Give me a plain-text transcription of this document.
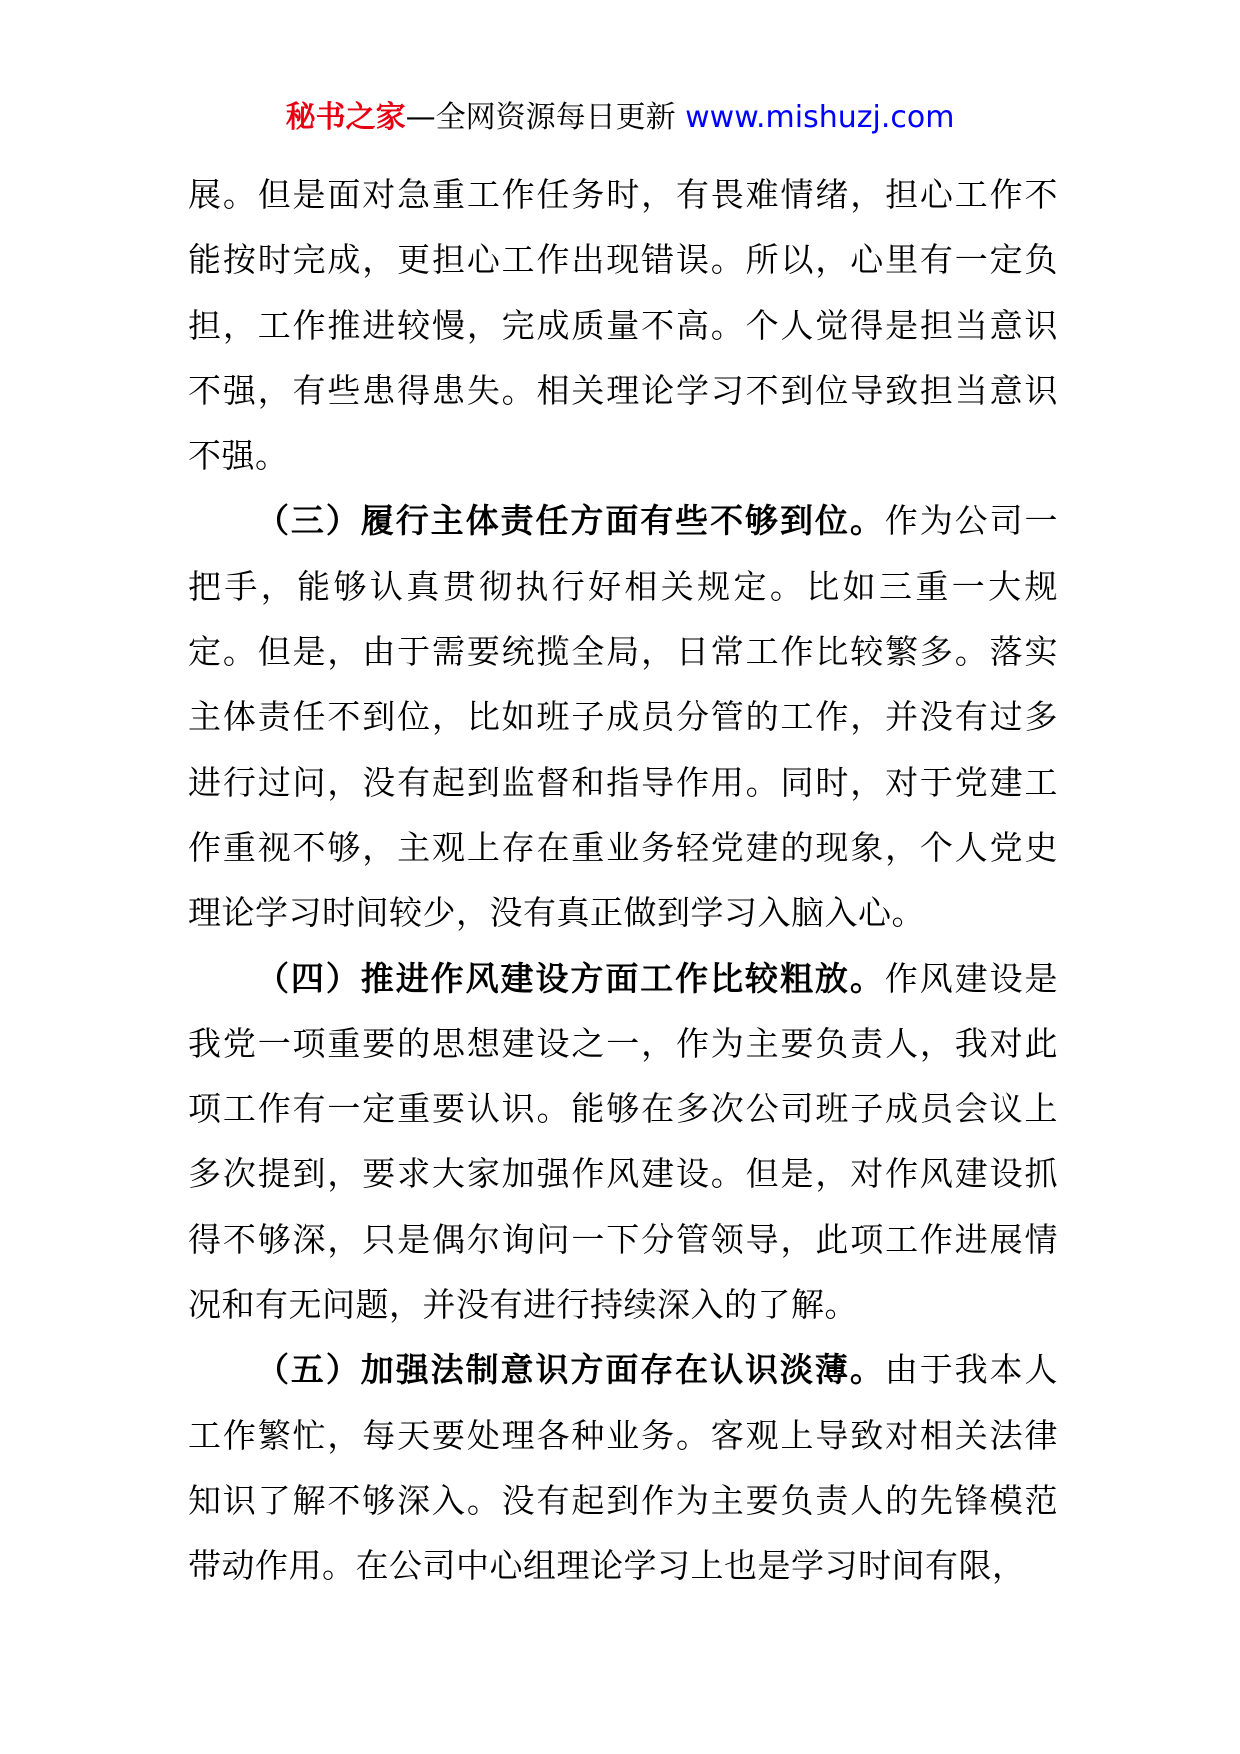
秘书之家—全网资源每日更新 www.mishuzj.com

展。但是面对急重工作任务时，有畏难情绪，担心工作不能按时完成，更担心工作出现错误。所以，心里有一定负担，工作推进较慢，完成质量不高。个人觉得是担当意识不强，有些患得患失。相关理论学习不到位导致担当意识不强。

（三）履行主体责任方面有些不够到位。作为公司一把手，能够认真贯彻执行好相关规定。比如三重一大规定。但是，由于需要统揽全局，日常工作比较繁多。落实主体责任不到位，比如班子成员分管的工作，并没有过多进行过问，没有起到监督和指导作用。同时，对于党建工作重视不够，主观上存在重业务轻党建的现象，个人党史理论学习时间较少，没有真正做到学习入脑入心。

（四）推进作风建设方面工作比较粗放。作风建设是我党一项重要的思想建设之一，作为主要负责人，我对此项工作有一定重要认识。能够在多次公司班子成员会议上多次提到，要求大家加强作风建设。但是，对作风建设抓得不够深，只是偶尔询问一下分管领导，此项工作进展情况和有无问题，并没有进行持续深入的了解。

（五）加强法制意识方面存在认识淡薄。由于我本人工作繁忙，每天要处理各种业务。客观上导致对相关法律知识了解不够深入。没有起到作为主要负责人的先锋模范带动作用。在公司中心组理论学习上也是学习时间有限，
